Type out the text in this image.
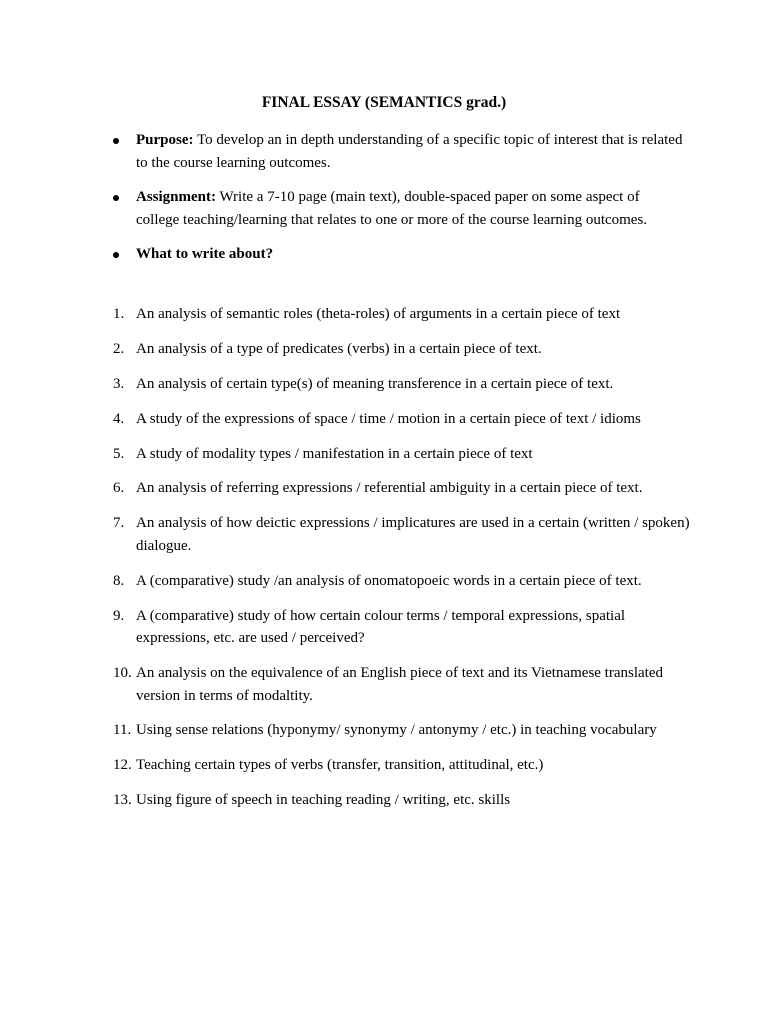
FINAL ESSAY (SEMANTICS grad.)
Purpose: To develop an in depth understanding of a specific topic of interest that is related to the course learning outcomes.
Assignment: Write a 7-10 page (main text), double-spaced paper on some aspect of college teaching/learning that relates to one or more of the course learning outcomes.
What to write about?
1. An analysis of semantic roles (theta-roles) of arguments in a certain piece of text
2. An analysis of a type of predicates (verbs) in a certain piece of text.
3. An analysis of certain type(s) of meaning transference in a certain piece of text.
4. A study of the expressions of space / time / motion in a certain piece of text / idioms
5. A study of modality types / manifestation in a certain piece of text
6. An analysis of referring expressions / referential ambiguity in a certain piece of text.
7. An analysis of how deictic expressions / implicatures are used in a certain (written / spoken) dialogue.
8. A (comparative) study /an analysis of onomatopoeic words in a certain piece of text.
9. A (comparative) study of how certain colour terms / temporal expressions, spatial expressions, etc. are used / perceived?
10. An analysis on the equivalence of an English piece of text and its Vietnamese translated version in terms of modaltity.
11. Using sense relations (hyponymy/ synonymy / antonymy / etc.) in teaching vocabulary
12. Teaching certain types of verbs (transfer, transition, attitudinal, etc.)
13. Using figure of speech in teaching reading / writing, etc. skills
